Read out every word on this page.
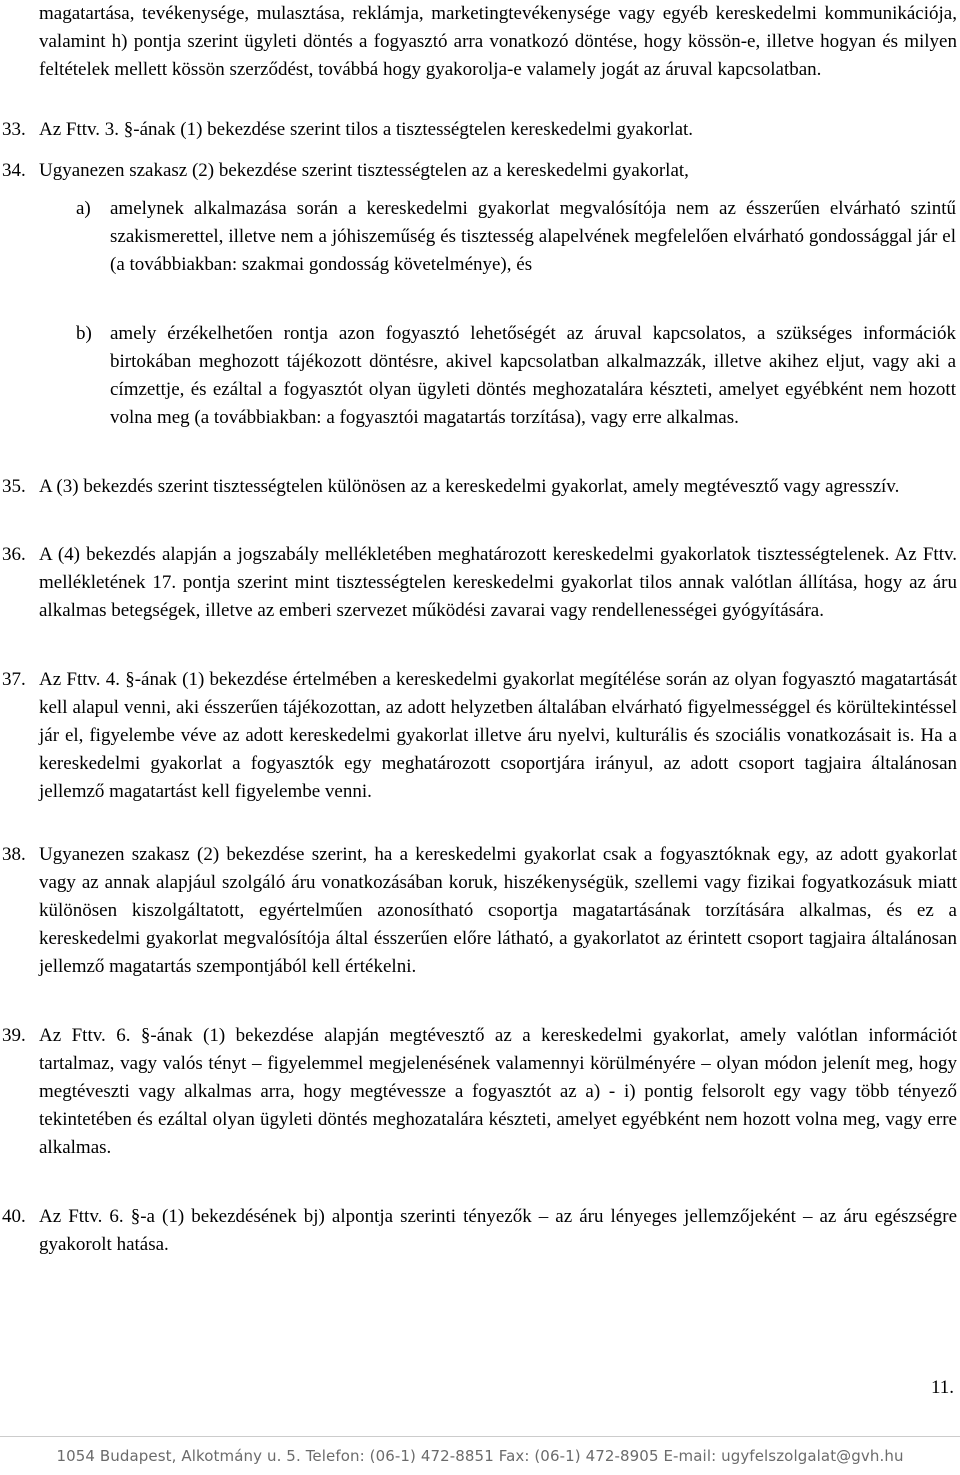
magatartása, tevékenysége, mulasztása, reklámja, marketingtevékenysége vagy egyéb kereskedelmi kommunikációja, valamint h) pontja szerint ügyleti döntés a fogyasztó arra vonatkozó döntése, hogy kössön-e, illetve hogyan és milyen feltételek mellett kössön szerződést, továbbá hogy gyakorolja-e valamely jogát az áruval kapcsolatban.
33. Az Fttv. 3. §-ának (1) bekezdése szerint tilos a tisztességtelen kereskedelmi gyakorlat.
34. Ugyanezen szakasz (2) bekezdése szerint tisztességtelen az a kereskedelmi gyakorlat,
a) amelynek alkalmazása során a kereskedelmi gyakorlat megvalósítója nem az ésszerűen elvárható szintű szakismerettel, illetve nem a jóhiszeműség és tisztesség alapelvének megfelelően elvárható gondossággal jár el (a továbbiakban: szakmai gondosság követelménye), és
b) amely érzékelhetően rontja azon fogyasztó lehetőségét az áruval kapcsolatos, a szükséges információk birtokában meghozott tájékozott döntésre, akivel kapcsolatban alkalmazzák, illetve akihez eljut, vagy aki a címzettje, és ezáltal a fogyasztót olyan ügyleti döntés meghozatalára készteti, amelyet egyébként nem hozott volna meg (a továbbiakban: a fogyasztói magatartás torzítása), vagy erre alkalmas.
35. A (3) bekezdés szerint tisztességtelen különösen az a kereskedelmi gyakorlat, amely megtévesztő vagy agresszív.
36. A (4) bekezdés alapján a jogszabály mellékletében meghatározott kereskedelmi gyakorlatok tisztességtelenek. Az Fttv. mellékletének 17. pontja szerint mint tisztességtelen kereskedelmi gyakorlat tilos annak valótlan állítása, hogy az áru alkalmas betegségek, illetve az emberi szervezet működési zavarai vagy rendellenességei gyógyítására.
37. Az Fttv. 4. §-ának (1) bekezdése értelmében a kereskedelmi gyakorlat megítélése során az olyan fogyasztó magatartását kell alapul venni, aki ésszerűen tájékozottan, az adott helyzetben általában elvárható figyelmességgel és körültekintéssel jár el, figyelembe véve az adott kereskedelmi gyakorlat illetve áru nyelvi, kulturális és szociális vonatkozásait is. Ha a kereskedelmi gyakorlat a fogyasztók egy meghatározott csoportjára irányul, az adott csoport tagjaira általánosan jellemző magatartást kell figyelembe venni.
38. Ugyanezen szakasz (2) bekezdése szerint, ha a kereskedelmi gyakorlat csak a fogyasztóknak egy, az adott gyakorlat vagy az annak alapjául szolgáló áru vonatkozásában koruk, hiszékenységük, szellemi vagy fizikai fogyatkozásuk miatt különösen kiszolgáltatott, egyértelműen azonosítható csoportja magatartásának torzítására alkalmas, és ez a kereskedelmi gyakorlat megvalósítója által ésszerűen előre látható, a gyakorlatot az érintett csoport tagjaira általánosan jellemző magatartás szempontjából kell értékelni.
39. Az Fttv. 6. §-ának (1) bekezdése alapján megtévesztő az a kereskedelmi gyakorlat, amely valótlan információt tartalmaz, vagy valós tényt – figyelemmel megjelenésének valamennyi körülményére – olyan módon jelenít meg, hogy megtéveszti vagy alkalmas arra, hogy megtévessze a fogyasztót az a) - i) pontig felsorolt egy vagy több tényező tekintetében és ezáltal olyan ügyleti döntés meghozatalára készteti, amelyet egyébként nem hozott volna meg, vagy erre alkalmas.
40. Az Fttv. 6. §-a (1) bekezdésének bj) alpontja szerinti tényezők – az áru lényeges jellemzőjeként – az áru egészségre gyakorolt hatása.
11.
1054 Budapest, Alkotmány u. 5. Telefon: (06-1) 472-8851 Fax: (06-1) 472-8905 E-mail: ugyfelszolgalat@gvh.hu
